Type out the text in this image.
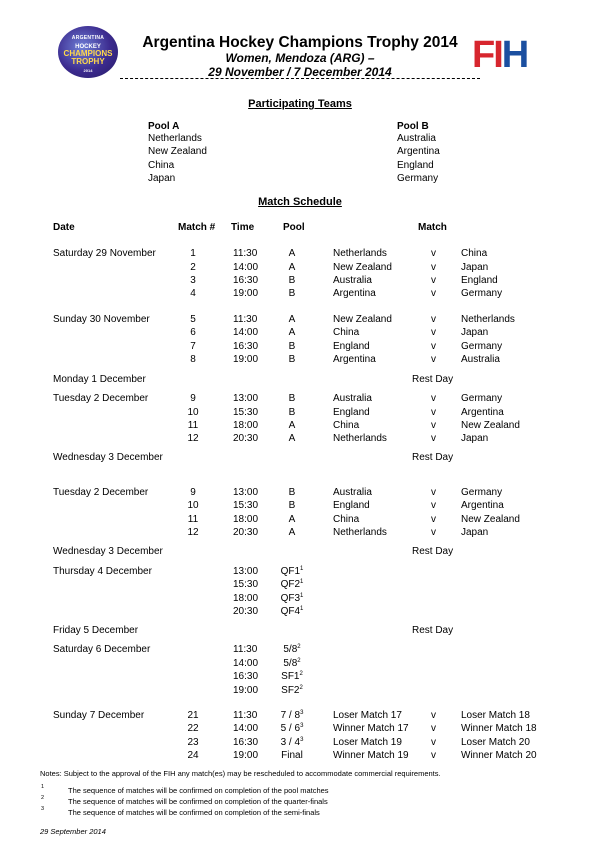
ARGENTINA
HOCKEY
CHAMPIONS
TROPHY
2014
Argentina Hockey Champions Trophy 2014
Women, Mendoza (ARG) –
29 November / 7 December 2014	FIH
Participating Teams
Pool A
Netherlands
New Zealand
China
Japan
Pool B
Australia
Argentina
England
Germany
Match Schedule
Date	Match # Time	Pool	Match
Saturday 29 November	1	11:30	A	Netherlands	v	China
2	14:00	A	New Zealand	v	Japan
3	16:30	B	Australia	v	England
4	19:00	B	Argentina	v	Germany
Sunday 30 November	5	11:30	A	New Zealand	v	Netherlands
6	14:00	A	China	v	Japan
7	16:30	B	England	v	Germany
8	19:00	B	Argentina	v	Australia
Monday 1 December	Rest Day
Tuesday 2 December	9	13:00	B	Australia	v	Germany
10	15:30	B	England	v	Argentina
11	18:00	A	China	v	New Zealand
12	20:30	A	Netherlands	v	Japan
Wednesday 3 December	Rest Day
Tuesday 2 December	9	13:00	B	Australia	v	Germany
10	15:30	B	England	v	Argentina
11	18:00	A	China	v	New Zealand
12	20:30	A	Netherlands	v	Japan
Wednesday 3 December	Rest Day
Thursday 4 December	13:00	$QF1^1$
15:30	$QF2^1$
18:00	$QF3^1$
20:30	$QF4^1$
Friday 5 December	Rest Day
Saturday 6 December	11:30	$5/8^2$
14:00	$5/8^2$
16:30	$SF1^2$
19:00	$SF2^2$
Sunday 7 December	21	11:30	$7 / 8^3$	Loser Match 17	v	Loser Match 18
22	14:00	$5 / 6^3$	Winner Match 17 v	Winner Match 18
23	16:30	$3 / 4^3$	Loser Match 19	v	Loser Match 20
24	19:00	Final	Winner Match 19 v	Winner Match 20
Notes: Subject to the approval of the FIH any match(es) may be rescheduled to accommodate commercial requirements.
1	The sequence of matches will be confirmed on completion of the pool matches
2	The sequence of matches will be confirmed on completion of the quarter-finals
3	The sequence of matches will be confirmed on completion of the semi-finals
29 September 2014
